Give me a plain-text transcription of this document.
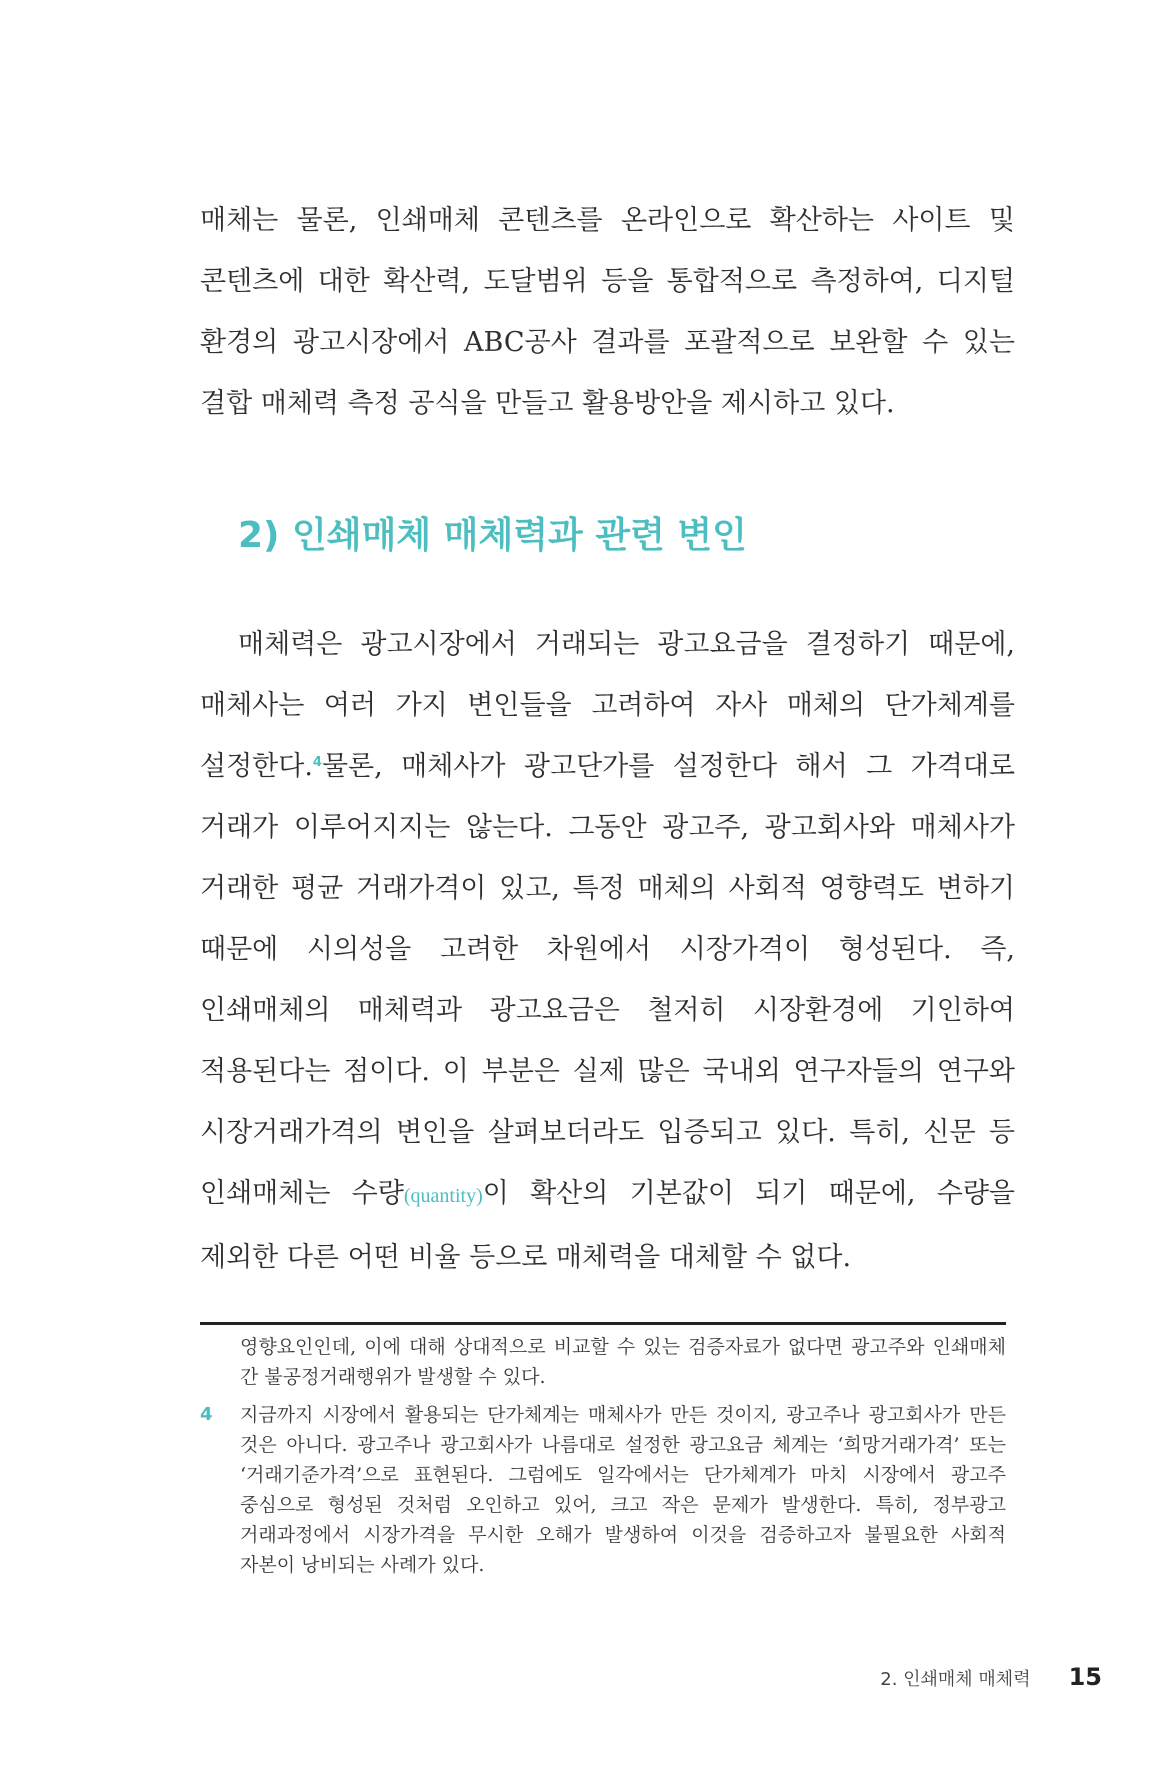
매체는 물론, 인쇄매체 콘텐츠를 온라인으로 확산하는 사이트 및 콘텐츠에 대한 확산력, 도달범위 등을 통합적으로 측정하여, 디지털 환경의 광고시장에서 ABC공사 결과를 포괄적으로 보완할 수 있는 결합 매체력 측정 공식을 만들고 활용방안을 제시하고 있다.

2) 인쇄매체 매체력과 관련 변인

매체력은 광고시장에서 거래되는 광고요금을 결정하기 때문에, 매체사는 여러 가지 변인들을 고려하여 자사 매체의 단가체계를 설정한다.$^4$물론, 매체사가 광고단가를 설정한다 해서 그 가격대로 거래가 이루어지지는 않는다. 그동안 광고주, 광고회사와 매체사가 거래한 평균 거래가격이 있고, 특정 매체의 사회적 영향력도 변하기 때문에 시의성을 고려한 차원에서 시장가격이 형성된다. 즉, 인쇄매체의 매체력과 광고요금은 철저히 시장환경에 기인하여 적용된다는 점이다. 이 부분은 실제 많은 국내외 연구자들의 연구와 시장거래가격의 변인을 살펴보더라도 입증되고 있다. 특히, 신문 등 인쇄매체는 수량(quantity)이 확산의 기본값이 되기 때문에, 수량을 제외한 다른 어떤 비율 등으로 매체력을 대체할 수 없다.

영향요인인데, 이에 대해 상대적으로 비교할 수 있는 검증자료가 없다면 광고주와 인쇄매체 간 불공정거래행위가 발생할 수 있다.
4	지금까지 시장에서 활용되는 단가체계는 매체사가 만든 것이지, 광고주나 광고회사가 만든 것은 아니다. 광고주나 광고회사가 나름대로 설정한 광고요금 체계는 ‘희망거래가격’ 또는 ‘거래기준가격’으로 표현된다. 그럼에도 일각에서는 단가체계가 마치 시장에서 광고주 중심으로 형성된 것처럼 오인하고 있어, 크고 작은 문제가 발생한다. 특히, 정부광고 거래과정에서 시장가격을 무시한 오해가 발생하여 이것을 검증하고자 불필요한 사회적 자본이 낭비되는 사례가 있다.
2. 인쇄매체 매체력 15
